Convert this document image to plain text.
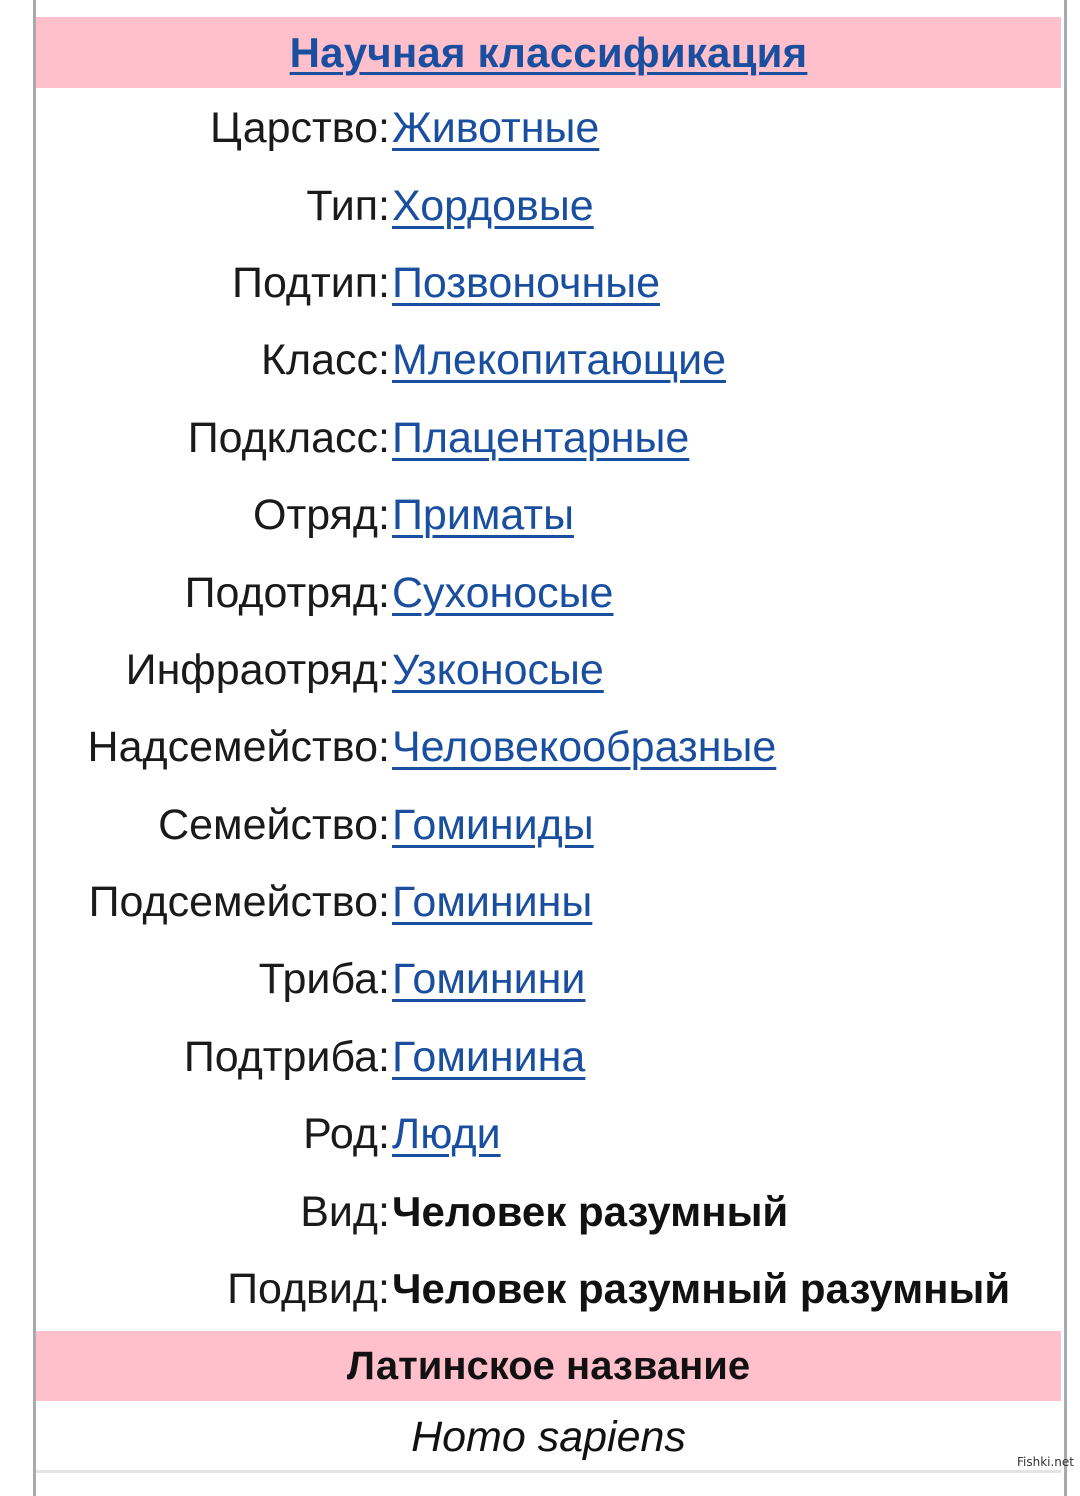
Научная классификация
Царство : Животные
Тип : Хордовые
Подтип : Позвоночные
Класс : Млекопитающие
Подкласс : Плацентарные
Отряд : Приматы
Подотряд : Сухоносые
Инфраотряд : Узконосые
Надсемейство : Человекообразные
Семейство : Гоминиды
Подсемейство : Гоминины
Триба : Гоминини
Подтриба : Гоминина
Род : Люди
Вид : Человек разумный
Подвид : Человек разумный разумный
Латинское название
Homo sapiens
Fishki.net
